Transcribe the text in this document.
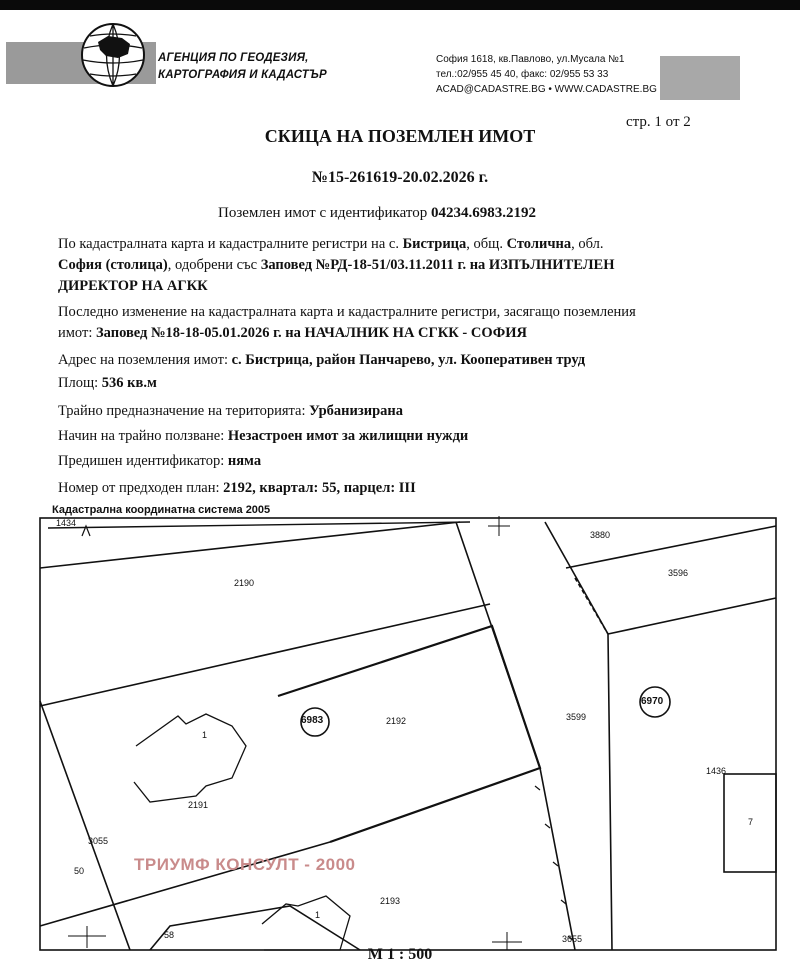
АГЕНЦИЯ ПО ГЕОДЕЗИЯ,
КАРТОГРАФИЯ И КАДАСТЪР
София 1618, кв.Павлово, ул.Мусала №1
тел.:02/955 45 40, факс: 02/955 53 33
ACAD@CADASTRE.BG • WWW.CADASTRE.BG
стр. 1 от 2
СКИЦА НА ПОЗЕМЛЕН ИМОТ
№15-261619-20.02.2026 г.
Поземлен имот с идентификатор 04234.6983.2192
По кадастралната карта и кадастралните регистри на с. Бистрица, общ. Столична, обл.
София (столица), одобрени със Заповед №РД-18-51/03.11.2011 г. на ИЗПЪЛНИТЕЛЕН
ДИРЕКТОР НА АГКК
Последно изменение на кадастралната карта и кадастралните регистри, засягащо поземления
имот: Заповед №18-18-05.01.2026 г. на НАЧАЛНИК НА СГКК - СОФИЯ
Адрес на поземления имот: с. Бистрица, район Панчарево, ул. Кооперативен труд
Площ: 536 кв.м
Трайно предназначение на територията: Урбанизирана
Начин на трайно ползване: Незастроен имот за жилищни нужди
Предишен идентификатор: няма
Номер от предходен план: 2192, квартал: 55, парцел: III
Кадастрална координатна система 2005
1434
2190
3880
3596
6983	2192	3599
6970
1
1436
7
2191
3055
50
2193
1
58	3655
ТРИУМФ КОНСУЛТ - 2000
М 1 : 500
